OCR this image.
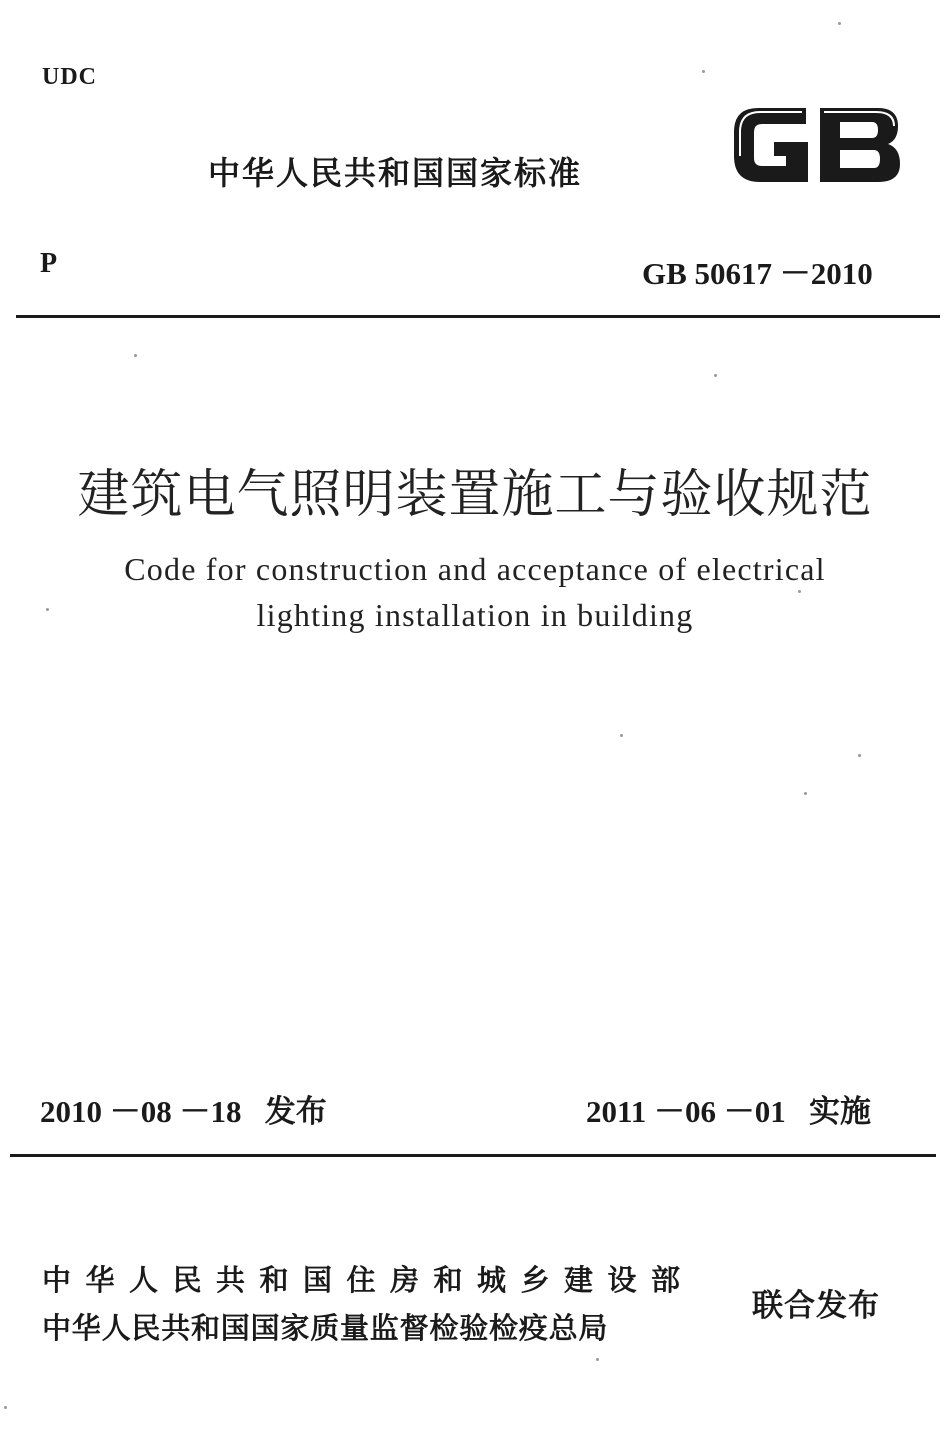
UDC
中华人民共和国国家标准
P	GB 50617 －2010
建筑电气照明装置施工与验收规范
Code for construction and acceptance of electrical
lighting installation in building
2010 －08 －18 发布	2011 －06 －01 实施
中华人民共和国住房和城乡建设部
中华人民共和国国家质量监督检验检疫总局
联合发布
